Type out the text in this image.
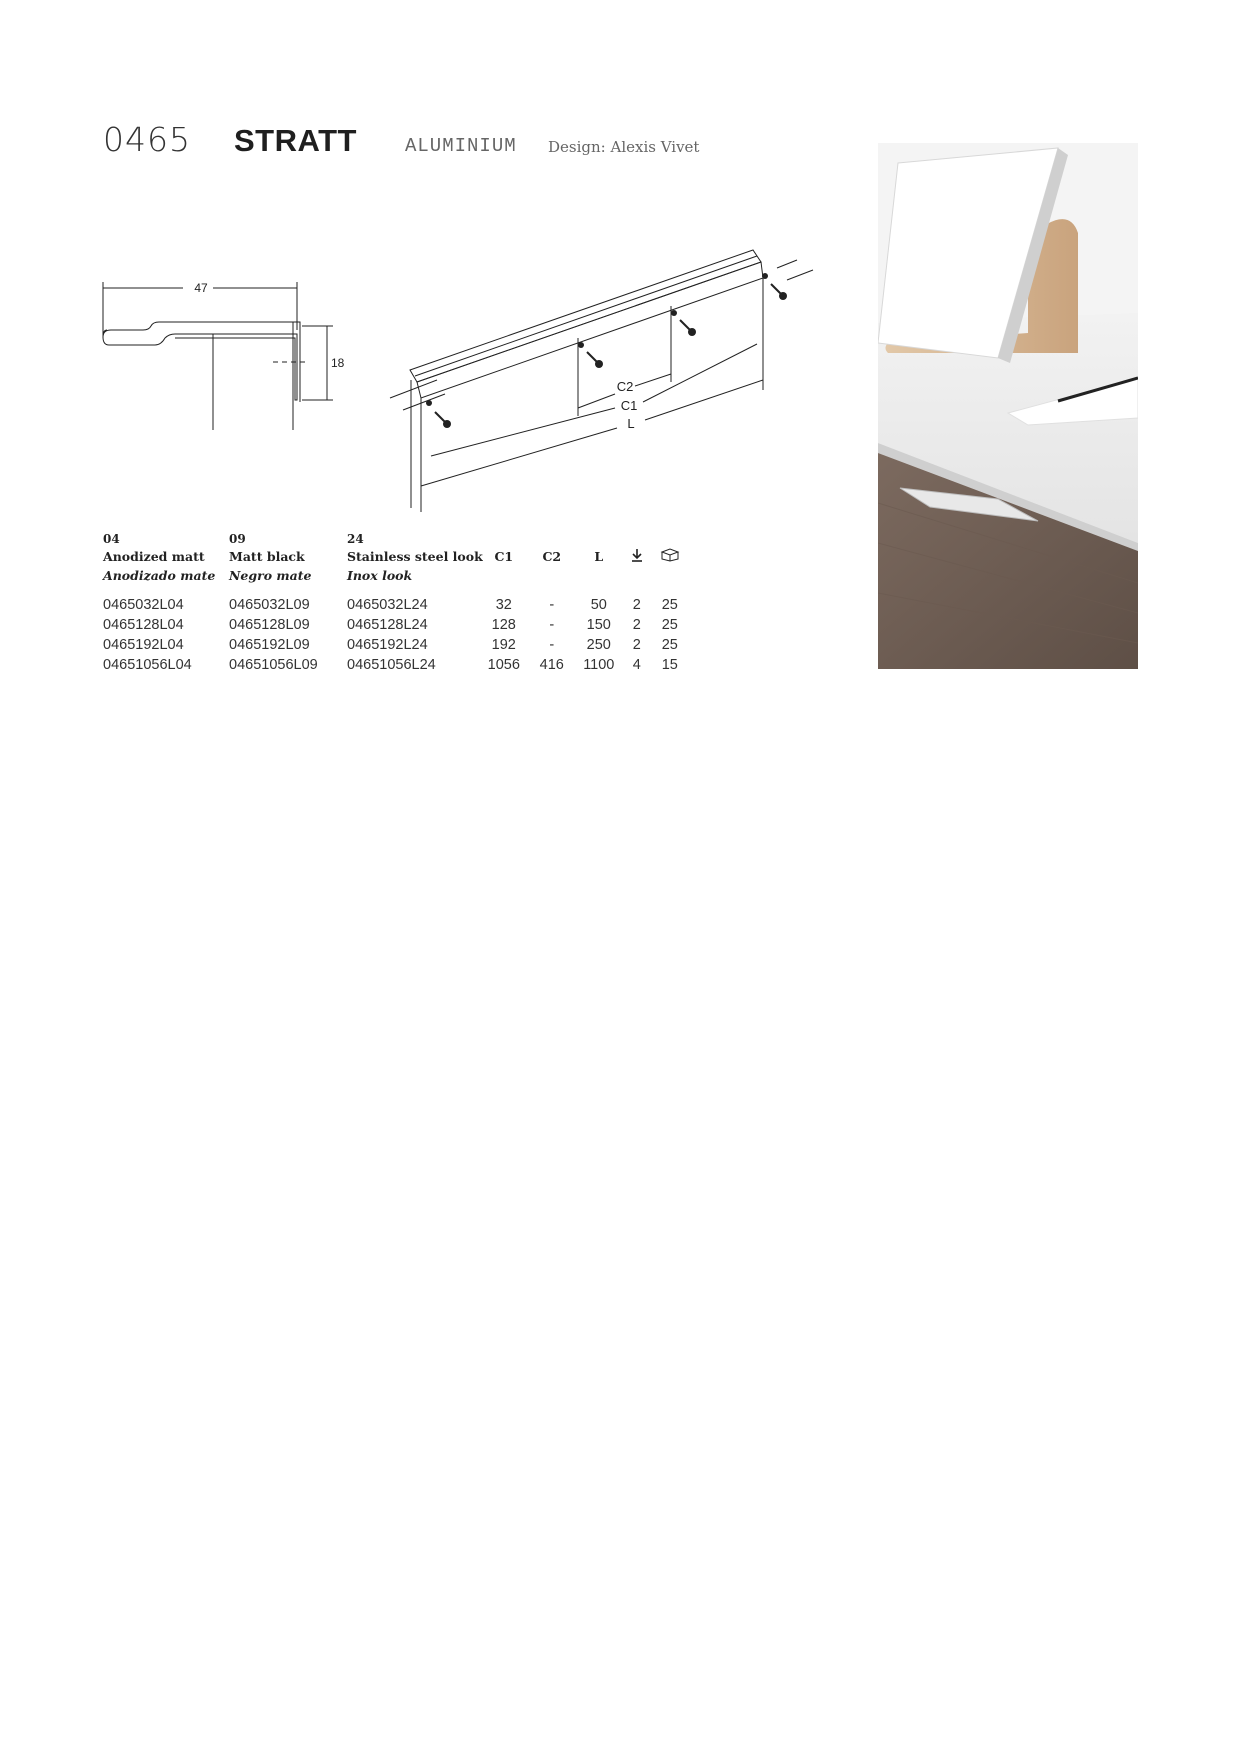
0465 STRATT	ALUMINIUM Design: Alexis Vivet
47
18
C2
C1
L
04	09	24					
Anodized matt	Matt black	Stainless steel look	C1	C2	L		
Anodizado mate	Negro mate	Inox look					

0465032L04	0465032L09	0465032L24	32	-	50	2	25
0465128L04	0465128L09	0465128L24	128	-	150	2	25
0465192L04	0465192L09	0465192L24	192	-	250	2	25
04651056L04	04651056L09	04651056L24	1056	416	1100	4	15
